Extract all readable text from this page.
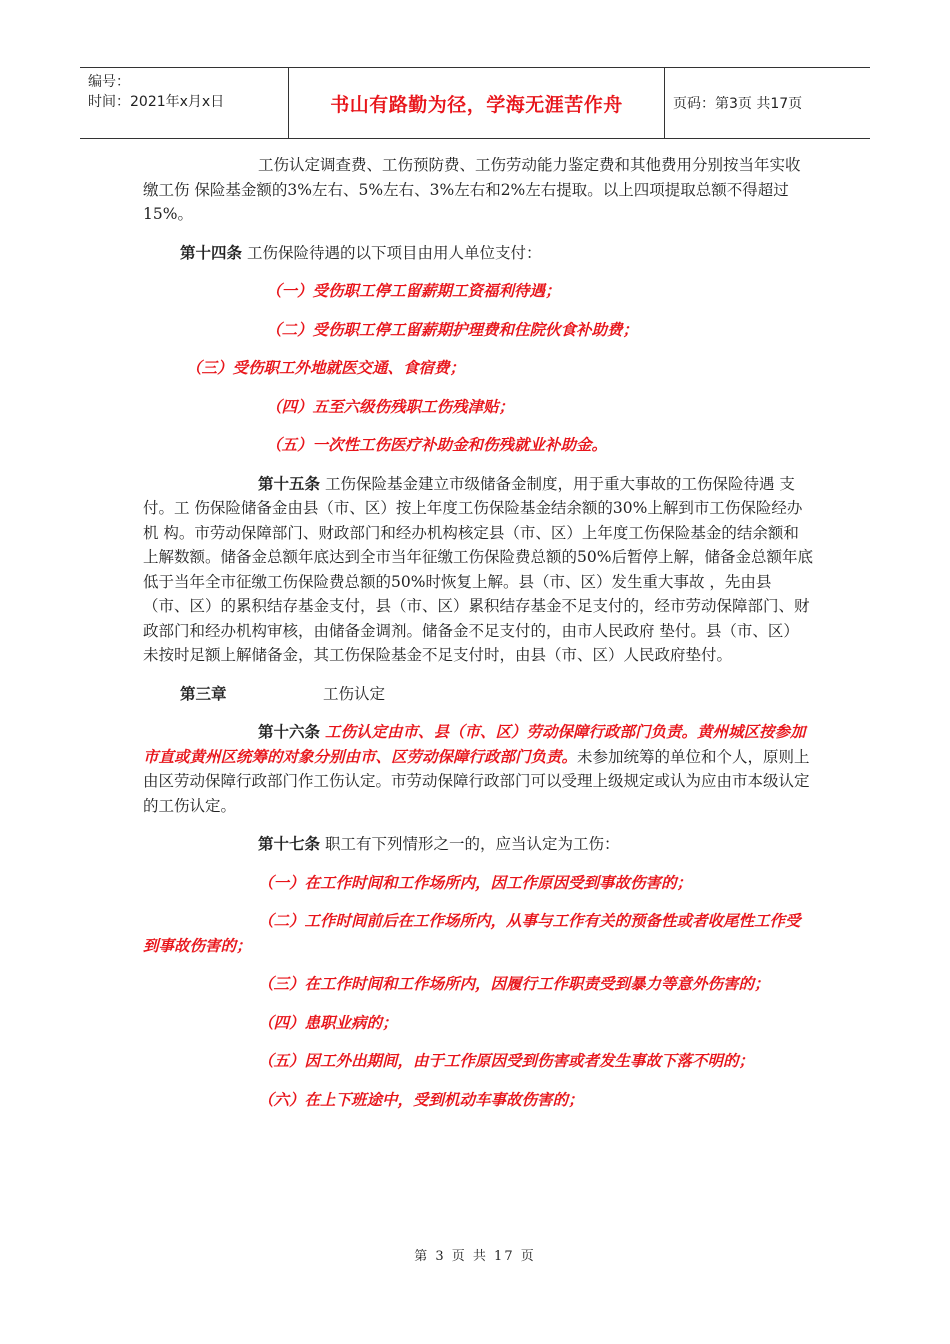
编号：
时间：2021年x月x日	书山有路勤为径，学海无涯苦作舟	页码：第3页 共17页

工伤认定调查费、工伤预防费、工伤劳动能力鉴定费和其他费用分别按当年实收缴工伤 保险基金额的3%左右、5%左右、3%左右和2%左右提取。以上四项提取总额不得超过15%。

第十四条 工伤保险待遇的以下项目由用人单位支付：

（一）受伤职工停工留薪期工资福利待遇；

（二）受伤职工停工留薪期护理费和住院伙食补助费；

（三）受伤职工外地就医交通、食宿费；

（四）五至六级伤残职工伤残津贴；

（五）一次性工伤医疗补助金和伤残就业补助金。

第十五条 工伤保险基金建立市级储备金制度，用于重大事故的工伤保险待遇 支付。工 伤保险储备金由县（市、区）按上年度工伤保险基金结余额的30%上解到市工伤保险经办机 构。市劳动保障部门、财政部门和经办机构核定县（市、区）上年度工伤保险基金的结余额和上解数额。储备金总额年底达到全市当年征缴工伤保险费总额的50%后暂停上解，储备金总额年底低于当年全市征缴工伤保险费总额的50%时恢复上解。县（市、区）发生重大事故 ，先由县（市、区）的累积结存基金支付，县（市、区）累积结存基金不足支付的，经市劳动保障部门、财政部门和经办机构审核，由储备金调剂。储备金不足支付的，由市人民政府 垫付。县（市、区）未按时足额上解储备金，其工伤保险基金不足支付时，由县（市、区）人民政府垫付。

第三章	工伤认定

第十六条 工伤认定由市、县（市、区）劳动保障行政部门负责。黄州城区按参加市直或黄州区统筹的对象分别由市、区劳动保障行政部门负责。未参加统筹的单位和个人，原则上由区劳动保障行政部门作工伤认定。市劳动保障行政部门可以受理上级规定或认为应由市本级认定的工伤认定。

第十七条 职工有下列情形之一的，应当认定为工伤：

（一）在工作时间和工作场所内，因工作原因受到事故伤害的；

（二）工作时间前后在工作场所内，从事与工作有关的预备性或者收尾性工作受到事故伤害的；

（三）在工作时间和工作场所内，因履行工作职责受到暴力等意外伤害的；

（四）患职业病的；

（五）因工外出期间，由于工作原因受到伤害或者发生事故下落不明的；

（六）在上下班途中，受到机动车事故伤害的；

第 3 页 共 17 页
